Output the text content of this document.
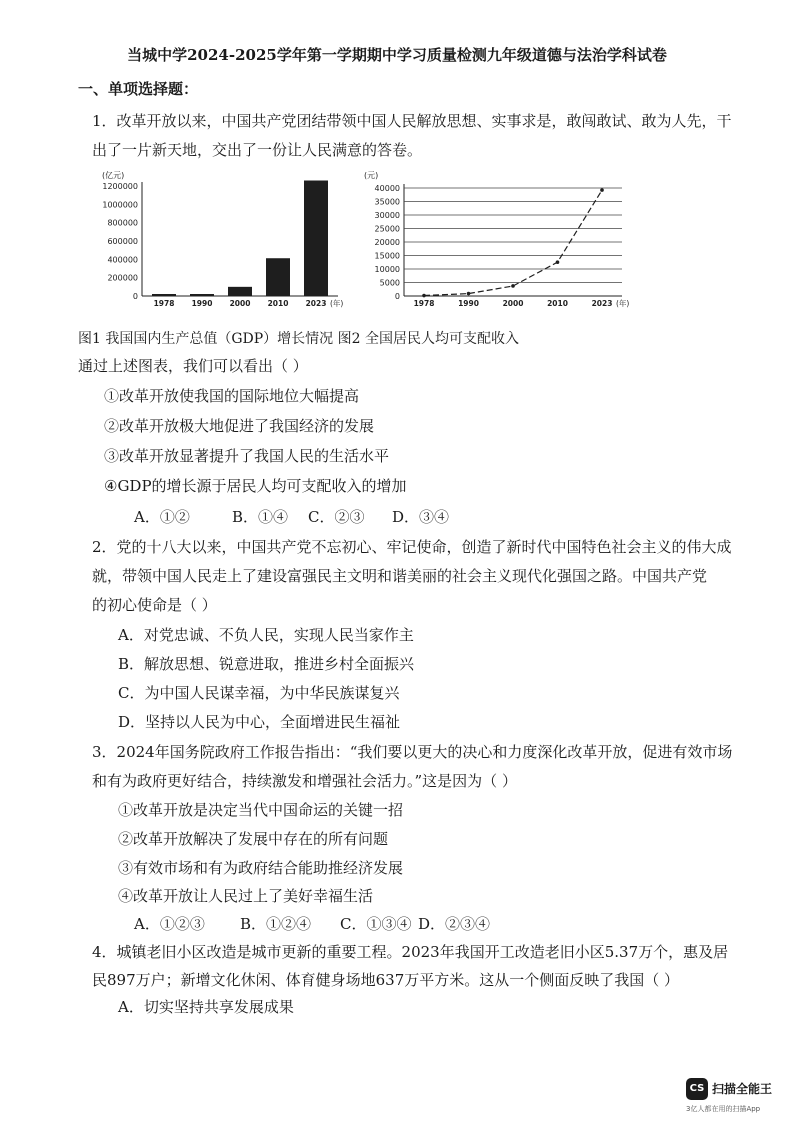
当城中学2024-2025学年第一学期期中学习质量检测九年级道德与法治学科试卷
一、单项选择题：
1．改革开放以来，中国共产党团结带领中国人民解放思想、实事求是，敢闯敢试、敢为人先，干
出了一片新天地，交出了一份让人民满意的答卷。
(亿元)
1200000
1000000
800000
600000
400000
200000
0
1978 1990 2000 2010 2023 (年)
(元)
40000
35000
30000
25000
20000
15000
10000
5000
0
1978	1990	2000	2010	2023 (年)
图1 我国国内生产总值（GDP）增长情况 图2 全国居民人均可支配收入
通过上述图表，我们可以看出（ ）
①改革开放使我国的国际地位大幅提高
②改革开放极大地促进了我国经济的发展
③改革开放显著提升了我国人民的生活水平
④GDP的增长源于居民人均可支配收入的增加
A．①②	B．①④ C．②③ D．③④
2．党的十八大以来，中国共产党不忘初心、牢记使命，创造了新时代中国特色社会主义的伟大成
就，带领中国人民走上了建设富强民主文明和谐美丽的社会主义现代化强国之路。中国共产党
的初心使命是（ ）
A．对党忠诚、不负人民，实现人民当家作主
B．解放思想、锐意进取，推进乡村全面振兴
C．为中国人民谋幸福，为中华民族谋复兴
D．坚持以人民为中心，全面增进民生福祉
3．2024年国务院政府工作报告指出：“我们要以更大的决心和力度深化改革开放，促进有效市场
和有为政府更好结合，持续激发和增强社会活力。”这是因为（ ）
①改革开放是决定当代中国命运的关键一招
②改革开放解决了发展中存在的所有问题
③有效市场和有为政府结合能助推经济发展
④改革开放让人民过上了美好幸福生活
A．①②③ B．①②④ C．①③④ D．②③④
4．城镇老旧小区改造是城市更新的重要工程。2023年我国开工改造老旧小区5.37万个，惠及居
民897万户；新增文化休闲、体育健身场地637万平方米。这从一个侧面反映了我国（ ）
A．切实坚持共享发展成果
CS 扫描全能王
3亿人都在用的扫描App
